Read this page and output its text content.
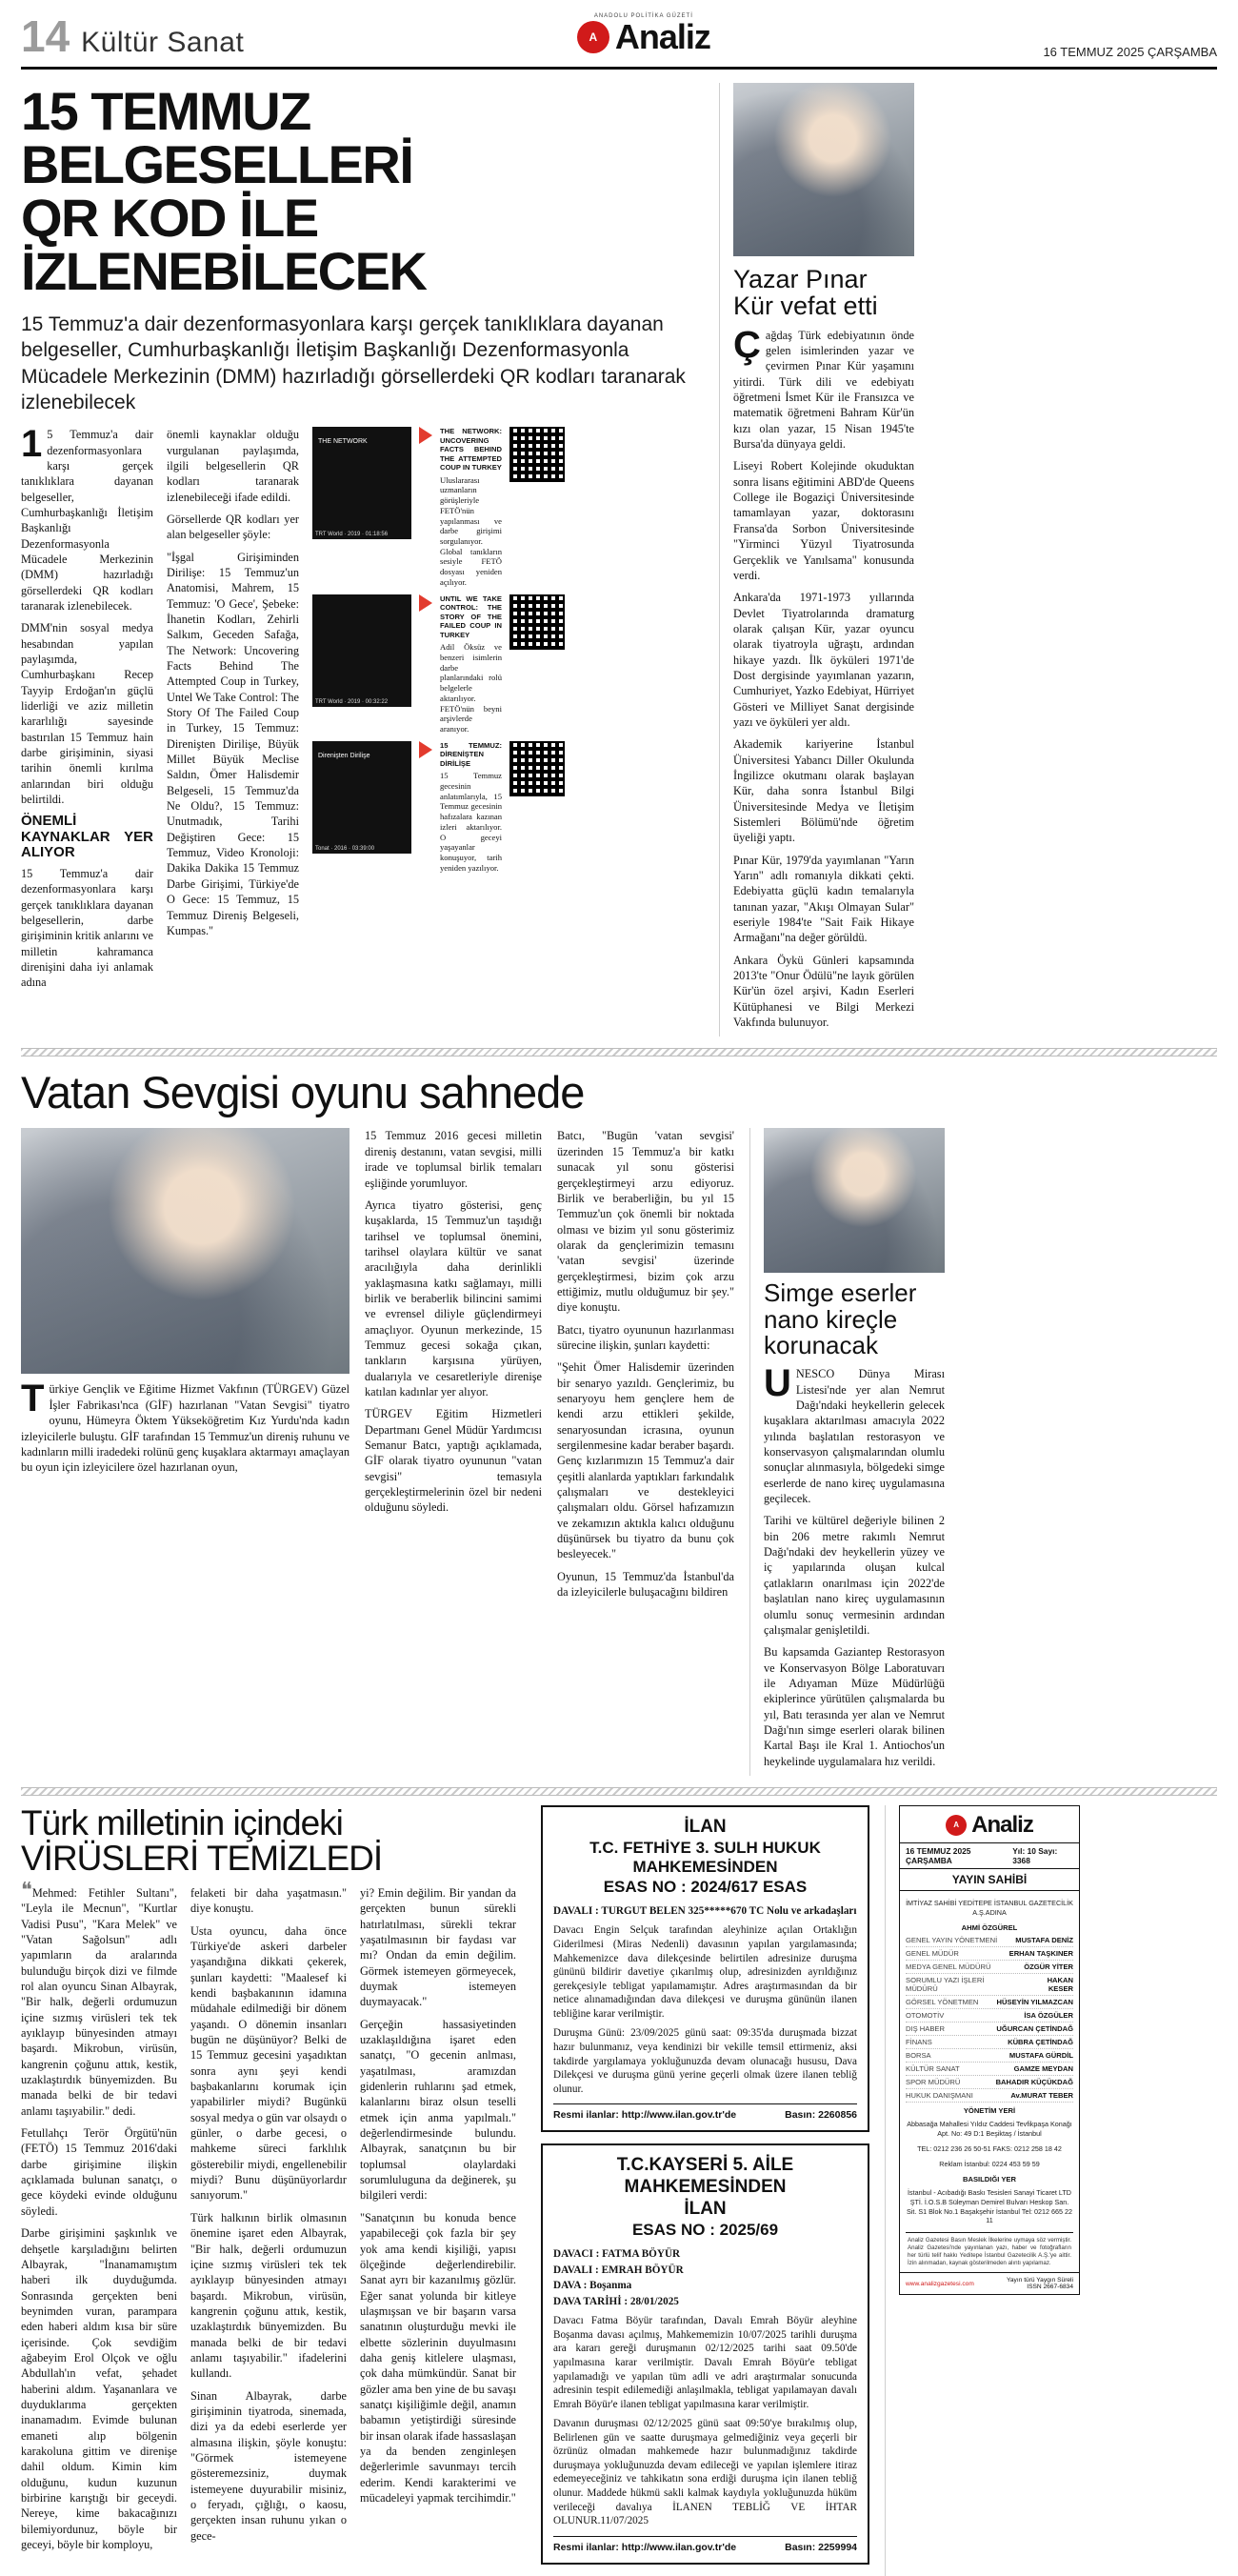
14 Kültür Sanat
ANADOLU POLİTİKA GÜZETİ
A Analiz	16 TEMMUZ 2025 ÇARŞAMBA
15 TEMMUZ BELGESELLERİ
QR KOD İLE İZLENEBİLECEK
15 Temmuz'a dair dezenformasyonlara karşı gerçek tanıklıklara dayanan belgeseller, Cumhurbaşkanlığı İletişim Başkanlığı Dezenformasyonla Mücadele Merkezinin (DMM) hazırladığı görsellerdeki QR kodları taranarak izlenebilecek

15 Temmuz'a dair dezenformasyonlara karşı gerçek tanıklıklara dayanan belgeseller, Cumhurbaşkanlığı İletişim Başkanlığı Dezenformasyonla Mücadele Merkezinin (DMM) hazırladığı görsellerdeki QR kodları taranarak izlenebilecek.

DMM'nin sosyal medya hesabından yapılan paylaşımda, Cumhurbaşkanı Recep Tayyip Erdoğan'ın güçlü liderliği ve aziz milletin kararlılığı sayesinde bastırılan 15 Temmuz hain darbe girişiminin, siyasi tarihin önemli kırılma anlarından biri olduğu belirtildi.

ÖNEMLİ KAYNAKLAR YER ALIYOR

15 Temmuz'a dair dezenformasyonlara karşı gerçek tanıklıklara dayanan belgesellerin, darbe girişiminin kritik anlarını ve milletin kahramanca direnişini daha iyi anlamak adına

önemli kaynaklar olduğu vurgulanan paylaşımda, ilgili belgesellerin QR kodları taranarak izlenebileceği ifade edildi.

Görsellerde QR kodları yer alan belgeseller şöyle:

"İşgal Girişiminden Dirilişe: 15 Temmuz'un Anatomisi, Mahrem, 15 Temmuz: 'O Gece', Şebeke: İhanetin Kodları, Zehirli Salkım, Geceden Safağa, The Network: Uncovering Facts Behind The Attempted Coup in Turkey, Untel We Take Control: The Story Of The Failed Coup in Turkey, 15 Temmuz: Direnişten Dirilişe, Büyük Millet Büyük Meclise Saldın, Ömer Halisdemir Belgeseli, 15 Temmuz'da Ne Oldu?, 15 Temmuz: Unutmadık, Tarihi Değiştiren Gece: 15 Temmuz, Video Kronoloji: Dakika Dakika 15 Temmuz Darbe Girişimi, Türkiye'de O Gece: 15 Temmuz, 15 Temmuz Direniş Belgeseli, Kumpas."

THE NETWORK
TRT World · 2019 · 01:18:56
THE NETWORK: UNCOVERING FACTS BEHIND THE ATTEMPTED COUP IN TURKEY
Uluslararası uzmanların görüşleriyle FETÖ'nün yapılanması ve darbe girişimi sorgulanıyor. Global tanıkların sesiyle FETÖ dosyası yeniden açılıyor.
TRT World · 2019 · 00:32:22
UNTIL WE TAKE CONTROL: THE STORY OF THE FAILED COUP IN TURKEY
Adil Öksüz ve benzeri isimlerin darbe planlarındaki rolü belgelerle aktarılıyor. FETÖ'nün beyni arşivlerde aranıyor.
Direnişten Dirilişe
Tonat · 2016 · 03:39:00
15 TEMMUZ: DİRENİŞTEN DİRİLİŞE
15 Temmuz gecesinin anlatımlarıyla, 15 Temmuz gecesinin hafızalara kazınan izleri aktarılıyor. O geceyi yaşayanlar konuşuyor, tarih yeniden yazılıyor.
Yazar Pınar Kür vefat etti

Çağdaş Türk edebiyatının önde gelen isimlerinden yazar ve çevirmen Pınar Kür yaşamını yitirdi. Türk dili ve edebiyatı öğretmeni İsmet Kür ile Fransızca ve matematik öğretmeni Bahram Kür'ün kızı olan yazar, 15 Nisan 1945'te Bursa'da dünyaya geldi.

Liseyi Robert Kolejinde okuduktan sonra lisans eğitimini ABD'de Queens College ile Bogaziçi Üniversitesinde tamamlayan yazar, doktorasını Fransa'da Sorbon Üniversitesinde "Yirminci Yüzyıl Tiyatrosunda Gerçeklik ve Yanılsama" konusunda verdi.

Ankara'da 1971-1973 yıllarında Devlet Tiyatrolarında dramaturg olarak çalışan Kür, yazar oyuncu olarak tiyatroyla uğraştı, ardından hikaye yazdı. İlk öyküleri 1971'de Dost dergisinde yayımlanan yazarın, Cumhuriyet, Yazko Edebiyat, Hürriyet Gösteri ve Milliyet Sanat dergisinde yazı ve öyküleri yer aldı.

Akademik kariyerine İstanbul Üniversitesi Yabancı Diller Okulunda İngilizce okutmanı olarak başlayan Kür, daha sonra İstanbul Bilgi Üniversitesinde Medya ve İletişim Sistemleri Bölümü'nde öğretim üyeliği yaptı.

Pınar Kür, 1979'da yayımlanan "Yarın Yarın" adlı romanıyla dikkati çekti. Edebiyatta güçlü kadın temalarıyla tanınan yazar, "Akışı Olmayan Sular" eseriyle 1984'te "Sait Faik Hikaye Armağanı"na değer görüldü.

Ankara Öykü Günleri kapsamında 2013'te "Onur Ödülü"ne layık görülen Kür'ün özel arşivi, Kadın Eserleri Kütüphanesi ve Bilgi Merkezi Vakfında bulunuyor.

Vatan Sevgisi oyunu sahnede

Türkiye Gençlik ve Eğitime Hizmet Vakfının (TÜRGEV) Güzel İşler Fabrikası'nca (GİF) hazırlanan "Vatan Sevgisi" tiyatro oyunu, Hümeyra Öktem Yükseköğretim Kız Yurdu'nda kadın izleyicilerle buluştu. GİF tarafından 15 Temmuz'un direniş ruhunu ve kadınların milli iradedeki rolünü genç kuşaklara aktarmayı amaçlayan bu oyun için izleyicilere özel hazırlanan oyun,

15 Temmuz 2016 gecesi milletin direniş destanını, vatan sevgisi, milli irade ve toplumsal birlik temaları eşliğinde yorumluyor.

Ayrıca tiyatro gösterisi, genç kuşaklarda, 15 Temmuz'un taşıdığı tarihsel ve toplumsal önemini, tarihsel olaylara kültür ve sanat aracılığıyla daha derinlikli yaklaşmasına katkı sağlamayı, milli birlik ve beraberlik bilincini samimi ve evrensel diliyle güçlendirmeyi amaçlıyor. Oyunun merkezinde, 15 Temmuz gecesi sokağa çıkan, tankların karşısına yürüyen, dualarıyla ve cesaretleriyle direnişe katılan kadınlar yer alıyor.

TÜRGEV Eğitim Hizmetleri Departmanı Genel Müdür Yardımcısı Semanur Batcı, yaptığı açıklamada, GİF olarak tiyatro oyununun "vatan sevgisi" temasıyla gerçekleştirmelerinin özel bir nedeni olduğunu söyledi.

Batcı, "Bugün 'vatan sevgisi' üzerinden 15 Temmuz'a bir katkı sunacak yıl sonu gösterisi gerçekleştirmeyi arzu ediyoruz. Birlik ve beraberliğin, bu yıl 15 Temmuz'un çok önemli bir noktada olması ve bizim yıl sonu gösterimiz olarak da gençlerimizin temasını 'vatan sevgisi' üzerinde gerçekleştirmesi, bizim çok arzu ettiğimiz, mutlu olduğumuz bir şey." diye konuştu.

Batcı, tiyatro oyununun hazırlanması sürecine ilişkin, şunları kaydetti:

"Şehit Ömer Halisdemir üzerinden bir senaryo yazıldı. Gençlerimiz, bu senaryoyu hem gençlere hem de kendi arzu ettikleri şekilde, senaryosundan icrasına, oyunun sergilenmesine kadar beraber başardı. Genç kızlarımızın 15 Temmuz'a dair çeşitli alanlarda yaptıkları farkındalık çalışmaları ve destekleyici çalışmaları oldu. Görsel hafızamızın ve zekamızın aktıkla kalıcı olduğunu düşünürsek bu tiyatro da bunu çok besleyecek."

Oyunun, 15 Temmuz'da İstanbul'da da izleyicilerle buluşacağını bildiren

Simge eserler nano kireçle korunacak

UNESCO Dünya Mirası Listesi'nde yer alan Nemrut Dağı'ndaki heykellerin gelecek kuşaklara aktarılması amacıyla 2022 yılında başlatılan restorasyon ve konservasyon çalışmalarından olumlu sonuçlar alınmasıyla, bölgedeki simge eserlerde de nano kireç uygulamasına geçilecek.

Tarihi ve kültürel değeriyle bilinen 2 bin 206 metre rakımlı Nemrut Dağı'ndaki dev heykellerin yüzey ve iç yapılarında oluşan kulcal çatlakların onarılması için 2022'de başlatılan nano kireç uygulamasının olumlu sonuç vermesinin ardından çalışmalar genişletildi.

Bu kapsamda Gaziantep Restorasyon ve Konservasyon Bölge Laboratuvarı ile Adıyaman Müze Müdürlüğü ekiplerince yürütülen çalışmalarda bu yıl, Batı terasında yer alan ve Nemrut Dağı'nın simge eserleri olarak bilinen Kartal Başı ile Kral 1. Antiochos'un heykelinde uygulamalara hız verildi.

Türk milletinin içindeki
VİRÜSLERİ TEMİZLEDİ

❝Mehmed: Fetihler Sultanı", "Leyla ile Mecnun", "Kurtlar Vadisi Pusu", "Kara Melek" ve "Vatan Sağolsun" adlı yapımların da aralarında bulunduğu birçok dizi ve filmde rol alan oyuncu Sinan Albayrak, "Bir halk, değerli ordumuzun içine sızmış virüsleri tek tek ayıklayıp bünyesinden atmayı başardı. Mikrobun, virüsün, kangrenin çoğunu attık, kestik, uzaklaştırdık bünyemizden. Bu manada belki de bir tedavi anlamı taşıyabilir." dedi.

Fetullahçı Terör Örgütü'nün (FETÖ) 15 Temmuz 2016'daki darbe girişimine ilişkin açıklamada bulunan sanatçı, o gece köydeki evinde olduğunu söyledi.

Darbe girişimini şaşkınlık ve dehşetle karşıladığını belirten Albayrak, "İnanamamıştım haberi ilk duyduğumda. Sonrasında gerçekten beni beynimden vuran, parampara eden haberi aldım kısa bir süre içerisinde. Çok sevdiğim ağabeyim Erol Olçok ve oğlu Abdullah'ın vefat, şehadet haberini aldım. Yaşananlara ve duyduklarıma gerçekten inanamadım. Evimde bulunan emaneti alıp bölgenin karakoluna gittim ve direnişe dahil oldum. Kimin kim olduğunu, kudun kuzunun birbirine karıştığı bir geceydi. Nereye, kime bakacağınızı bilemiyordunuz, böyle bir geceyi, böyle bir komployu,

felaketi bir daha yaşatmasın." diye konuştu.

Usta oyuncu, daha önce Türkiye'de askeri darbeler yaşandığına dikkati çekerek, şunları kaydetti: "Maalesef ki kendi başbakanının idamına müdahale edilmediği bir dönem yaşandı. O dönemin insanları bugün ne düşünüyor? Belki de 15 Temmuz gecesini yaşadıktan sonra aynı şeyi kendi başbakanlarını korumak için yapabilirler miydi? Bugünkü sosyal medya o gün var olsaydı o günler, o darbe gecesi, o mahkeme süreci farklılık gösterebilir miydi, engellenebilir miydi? Bunu düşünüyorlardır sanıyorum."

Türk halkının birlik olmasının önemine işaret eden Albayrak, "Bir halk, değerli ordumuzun içine sızmış virüsleri tek tek ayıklayıp bünyesinden atmayı başardı. Mikrobun, virüsün, kangrenin çoğunu attık, kestik, uzaklaştırdık bünyemizden. Bu manada belki de bir tedavi anlamı taşıyabilir." ifadelerini kullandı.

Sinan Albayrak, darbe girişiminin tiyatroda, sinemada, dizi ya da edebi eserlerde yer almasına ilişkin, şöyle konuştu: "Görmek istemeyene gösteremezsiniz, duymak istemeyene duyurabilir misiniz, o feryadı, çığlığı, o kaosu, gerçekten insan ruhunu yıkan o gece-

yi? Emin değilim. Bir yandan da gerçekten bunun sürekli hatırlatılması, sürekli tekrar yaşatılmasının bir faydası var mı? Ondan da emin değilim. Görmek istemeyen görmeyecek, duymak istemeyen duymayacak."

Gerçeğin hassasiyetinden uzaklaşıldığına işaret eden sanatçı, "O gecenin anlması, yaşatılması, aramızdan gidenlerin ruhlarını şad etmek, kalanlarını biraz olsun teselli etmek için anma yapılmalı." değerlendirmesinde bulundu. Albayrak, sanatçının bu bir toplumsal olaylardaki sorumluluguna da değinerek, şu bilgileri verdi:

"Sanatçının bu konuda bence yapabileceği çok fazla bir şey yok ama kendi kişiliği, yapısı ölçeğinde değerlendirebilir. Sanat ayrı bir kazanılmış gözlür. Eğer sanat yolunda bir kitleye ulaşmışsan ve bir başarın varsa sanatının oluşturduğu mevki ile elbette sözlerinin duyulmasını daha geniş kitlelere ulaşması, çok daha mümkündür. Sanat bir gözler ama ben yine de bu savaşı sanatçı kişiliğimle değil, anamın babamın yetiştirdiği süresinde bir insan olarak ifade hassaslaşan ya da benden zenginleşen değerlerimle savunmayı tercih ederim. Kendi karakterimi ve mücadeleyi yapmak tercihimdir."

İLAN
T.C. FETHİYE 3. SULH HUKUK MAHKEMESİNDEN
ESAS NO : 2024/617 ESAS

DAVALI : TURGUT BELEN 325*****670 TC Nolu ve arkadaşları

Davacı Engin Selçuk tarafından aleyhinize açılan Ortaklığın Giderilmesi (Miras Nedenli) davasının yapılan yargılamasında; Mahkemenizce dava dilekçesinde belirtilen adresinize duruşma gününü bildirir davetiye çıkarılmış olup, adresinizden ayrıldığınız gerekçesiyle tebligat yapılamamıştır. Adres araştırmasından da bir netice alınamadığından dava dilekçesi ve duruşma gününün ilanen tebliğine karar verilmiştir.

Duruşma Günü: 23/09/2025 günü saat: 09:35'da duruşmada bizzat hazır bulunmanız, veya kendinizi bir vekille temsil ettirmeniz, aksi takdirde yargılamaya yokluğunuzda devam olunacağı hususu, Dava Dilekçesi ve duruşma günü yerine geçerli olmak üzere ilanen tebliğ olunur.

Resmi ilanlar: http://www.ilan.gov.tr'de	Basın: 2260856
T.C.KAYSERİ 5. AİLE MAHKEMESİNDEN
İLAN
ESAS NO : 2025/69

DAVACI : FATMA BÖYÜR

DAVALI : EMRAH BÖYÜR

DAVA : Boşanma

DAVA TARİHİ : 28/01/2025

Davacı Fatma Böyür tarafından, Davalı Emrah Böyür aleyhine Boşanma davası açılmış, Mahkememizin 10/07/2025 tarihli duruşma ara kararı gereği duruşmanın 02/12/2025 tarihi saat 09.50'de yapılmasına karar verilmiştir. Davalı Emrah Böyür'e tebligat yapılamadığı ve yapılan tüm adli ve adri araştırmalar sonucunda adresinin tespit edilemediği anlaşılmakla, tebligat yapılamayan davalı Emrah Böyür'e ilanen tebligat yapılmasına karar verilmiştir.

Davanın duruşması 02/12/2025 günü saat 09:50'ye bırakılmış olup, Belirlenen gün ve saatte duruşmaya gelmediğiniz veya geçerli bir özrünüz olmadan mahkemede hazır bulunmadığınız takdirde duruşmaya yokluğunuzda devam edileceği ve yapılan işlemlere itiraz edemeyeceğiniz ve tahkikatın sona erdiği duruşma için ilanen tebliğ olunur. Maddede hükmü sakli kalmak kaydıyla yokluğunuzda hüküm verileceği davalıya İLANEN TEBLİĞ VE İHTAR OLUNUR.11/07/2025

Resmi ilanlar: http://www.ilan.gov.tr'de	Basın: 2259994
A Analiz
16 TEMMUZ 2025 ÇARŞAMBA
Yıl: 10 Sayı: 3368
YAYIN SAHİBİ
İMTİYAZ SAHİBİ YEDİTEPE İSTANBUL GAZETECİLİK A.Ş.ADINA
AHMİ ÖZGÜREL
GENEL YAYIN YÖNETMENİ	MUSTAFA DENİZ
GENEL MÜDÜR	ERHAN TAŞKINER
MEDYA GENEL MÜDÜRÜ	ÖZGÜR YİTER
SORUMLU YAZI İŞLERİ MÜDÜRÜ
HAKAN KESER
GÖRSEL YÖNETMEN	HÜSEYİN YILMAZCAN
OTOMOTİV	İSA ÖZGÜLER
DIŞ HABER	UĞURCAN ÇETİNDAĞ
FİNANS	KÜBRA ÇETİNDAĞ
BORSA	MUSTAFA GÜRDİL
KÜLTÜR SANAT	GAMZE MEYDAN
SPOR MÜDÜRÜ	BAHADIR KÜÇÜKDAĞ
HUKUK DANIŞMANI	Av.MURAT TEBER
YÖNETİM YERİ
Abbasağa Mahallesi Yıldız Caddesi Tevfikpaşa Konağı Apt. No: 49 D:1 Beşiktaş / İstanbul
TEL: 0212 236 26 50-51 FAKS: 0212 258 18 42
Reklam İstanbul: 0224 453 59 59
BASILDIĞI YER
İstanbul - Acıbadığı Baskı Tesisleri Sanayi Ticaret LTD ŞTİ. İ.O.S.B Süleyman Demirel Bulvarı Heskop San. Sit. S1 Blok No.1 Başakşehir İstanbul Tel: 0212 665 22 11
Analiz Gazetesi Basın Meslek İlkelerine uymaya söz vermiştir. Analiz Gazetesi'nde yayınlanan yazı, haber ve fotoğrafların her türlü telif hakkı Yeditepe İstanbul Gazetecilik A.Ş.'ye aittir. İzin alınmadan, kaynak gösterilmeden alıntı yapılamaz.
www.analizgazetesi.com	Yayın türü Yaygın Süreli
ISSN 2667-6834
